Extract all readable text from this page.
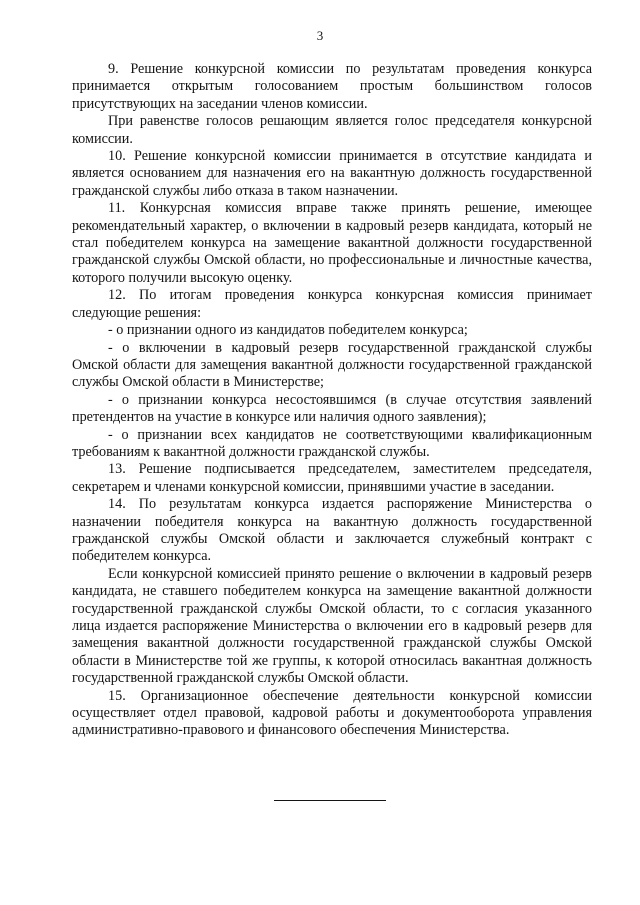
3

9. Решение конкурсной комиссии по результатам проведения конкурса принимается открытым голосованием простым большинством голосов присутствующих на заседании членов комиссии.

При равенстве голосов решающим является голос председателя конкурсной комиссии.

10. Решение конкурсной комиссии принимается в отсутствие кандидата и является основанием для назначения его на вакантную должность государственной гражданской службы либо отказа в таком назначении.

11. Конкурсная комиссия вправе также принять решение, имеющее рекомендательный характер, о включении в кадровый резерв кандидата, который не стал победителем конкурса на замещение вакантной должности государственной гражданской службы Омской области, но профессиональные и личностные качества, которого получили высокую оценку.

12. По итогам проведения конкурса конкурсная комиссия принимает следующие решения:

- о признании одного из кандидатов победителем конкурса;

- о включении в кадровый резерв государственной гражданской службы Омской области для замещения вакантной должности государственной гражданской службы Омской области в Министерстве;

- о признании конкурса несостоявшимся (в случае отсутствия заявлений претендентов на участие в конкурсе или наличия одного заявления);

- о признании всех кандидатов не соответствующими квалификационным требованиям к вакантной должности гражданской службы.

13. Решение подписывается председателем, заместителем председателя, секретарем и членами конкурсной комиссии, принявшими участие в заседании.

14. По результатам конкурса издается распоряжение Министерства о назначении победителя конкурса на вакантную должность государственной гражданской службы Омской области и заключается служебный контракт с победителем конкурса.

Если конкурсной комиссией принято решение о включении в кадровый резерв кандидата, не ставшего победителем конкурса на замещение вакантной должности государственной гражданской службы Омской области, то с согласия указанного лица издается распоряжение Министерства о включении его в кадровый резерв для замещения вакантной должности государственной гражданской службы Омской области в Министерстве той же группы, к которой относилась вакантная должность государственной гражданской службы Омской области.

15. Организационное обеспечение деятельности конкурсной комиссии осуществляет отдел правовой, кадровой работы и документооборота управления административно-правового и финансового обеспечения Министерства.
